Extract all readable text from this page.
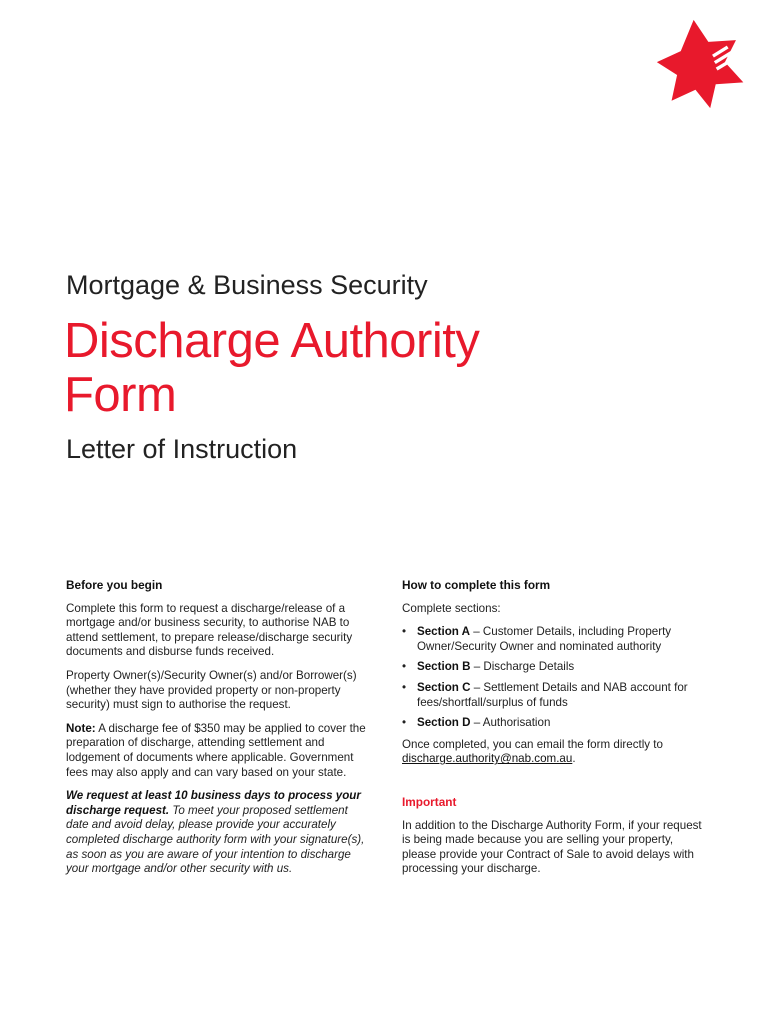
Mortgage & Business Security
Discharge Authority
Form
Letter of Instruction
Before you begin

Complete this form to request a discharge/release of a mortgage and/or business security, to authorise NAB to attend settlement, to prepare release/discharge security documents and disburse funds received.

Property Owner(s)/Security Owner(s) and/or Borrower(s) (whether they have provided property or non-property security) must sign to authorise the request.

Note: A discharge fee of $350 may be applied to cover the preparation of discharge, attending settlement and lodgement of documents where applicable. Government fees may also apply and can vary based on your state.

We request at least 10 business days to process your discharge request. To meet your proposed settlement date and avoid delay, please provide your accurately completed discharge authority form with your signature(s), as soon as you are aware of your intention to discharge your mortgage and/or other security with us.

How to complete this form

Complete sections:

• Section A – Customer Details, including Property Owner/Security Owner and nominated authority
• Section B – Discharge Details
• Section C – Settlement Details and NAB account for fees/shortfall/surplus of funds
• Section D – Authorisation

Once completed, you can email the form directly to discharge.authority@nab.com.au.

Important

In addition to the Discharge Authority Form, if your request is being made because you are selling your property, please provide your Contract of Sale to avoid delays with processing your discharge.
